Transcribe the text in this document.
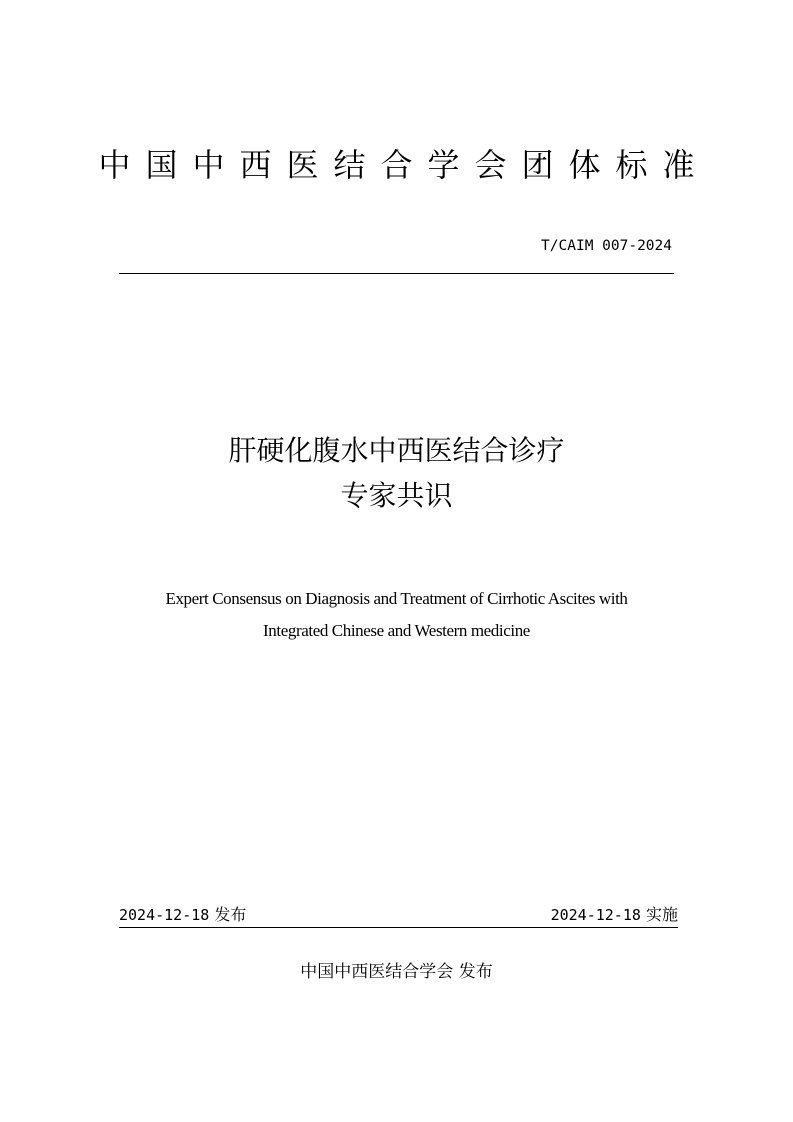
中国中西医结合学会团体标准
T/CAIM 007-2024
肝硬化腹水中西医结合诊疗
专家共识
Expert Consensus on Diagnosis and Treatment of Cirrhotic Ascites with
Integrated Chinese and Western medicine
2024-12-18 发布	2024-12-18 实施
中国中西医结合学会 发布
